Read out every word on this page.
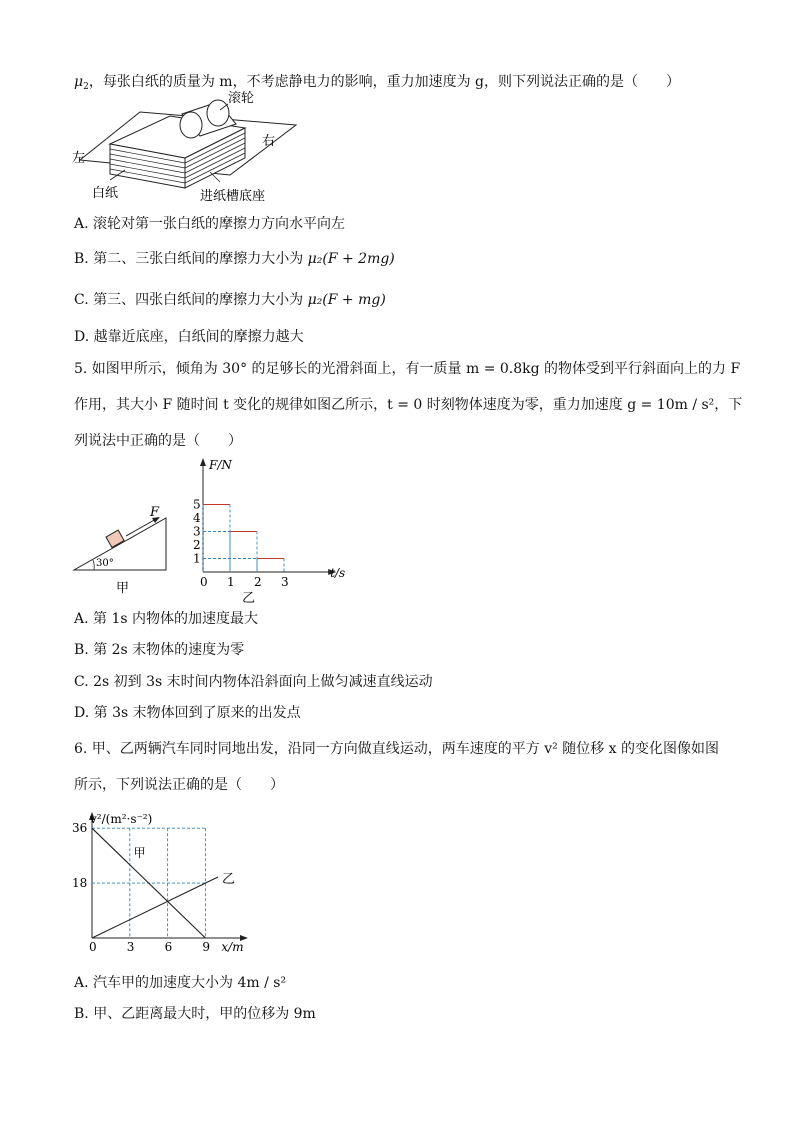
$\mu_2$，每张白纸的质量为 m，不考虑静电力的影响，重力加速度为 g，则下列说法正确的是（　　）
滚轮
右
左
白纸	进纸槽底座
A. 滚轮对第一张白纸的摩擦力方向水平向左
B. 第二、三张白纸间的摩擦力大小为 μ₂(F + 2mg)
C. 第三、四张白纸间的摩擦力大小为 μ₂(F + mg)
D. 越靠近底座，白纸间的摩擦力越大
5. 如图甲所示，倾角为 30° 的足够长的光滑斜面上，有一质量 m = 0.8kg 的物体受到平行斜面向上的力 F
作用，其大小 F 随时间 t 变化的规律如图乙所示，t = 0 时刻物体速度为零，重力加速度 g = 10m / s²，下
列说法中正确的是（　　）
F
30°
甲
F/N
t/s
0 1 2 3
1
2
3
4
5
乙
A. 第 1s 内物体的加速度最大
B. 第 2s 末物体的速度为零
C. 2s 初到 3s 末时间内物体沿斜面向上做匀减速直线运动
D. 第 3s 末物体回到了原来的出发点
6. 甲、乙两辆汽车同时同地出发，沿同一方向做直线运动，两车速度的平方 v² 随位移 x 的变化图像如图
所示，下列说法正确的是（　　）
v²/(m²·s⁻²)
x/m
0	3	6	9
18
36
甲
乙
A. 汽车甲的加速度大小为 4m / s²
B. 甲、乙距离最大时，甲的位移为 9m
